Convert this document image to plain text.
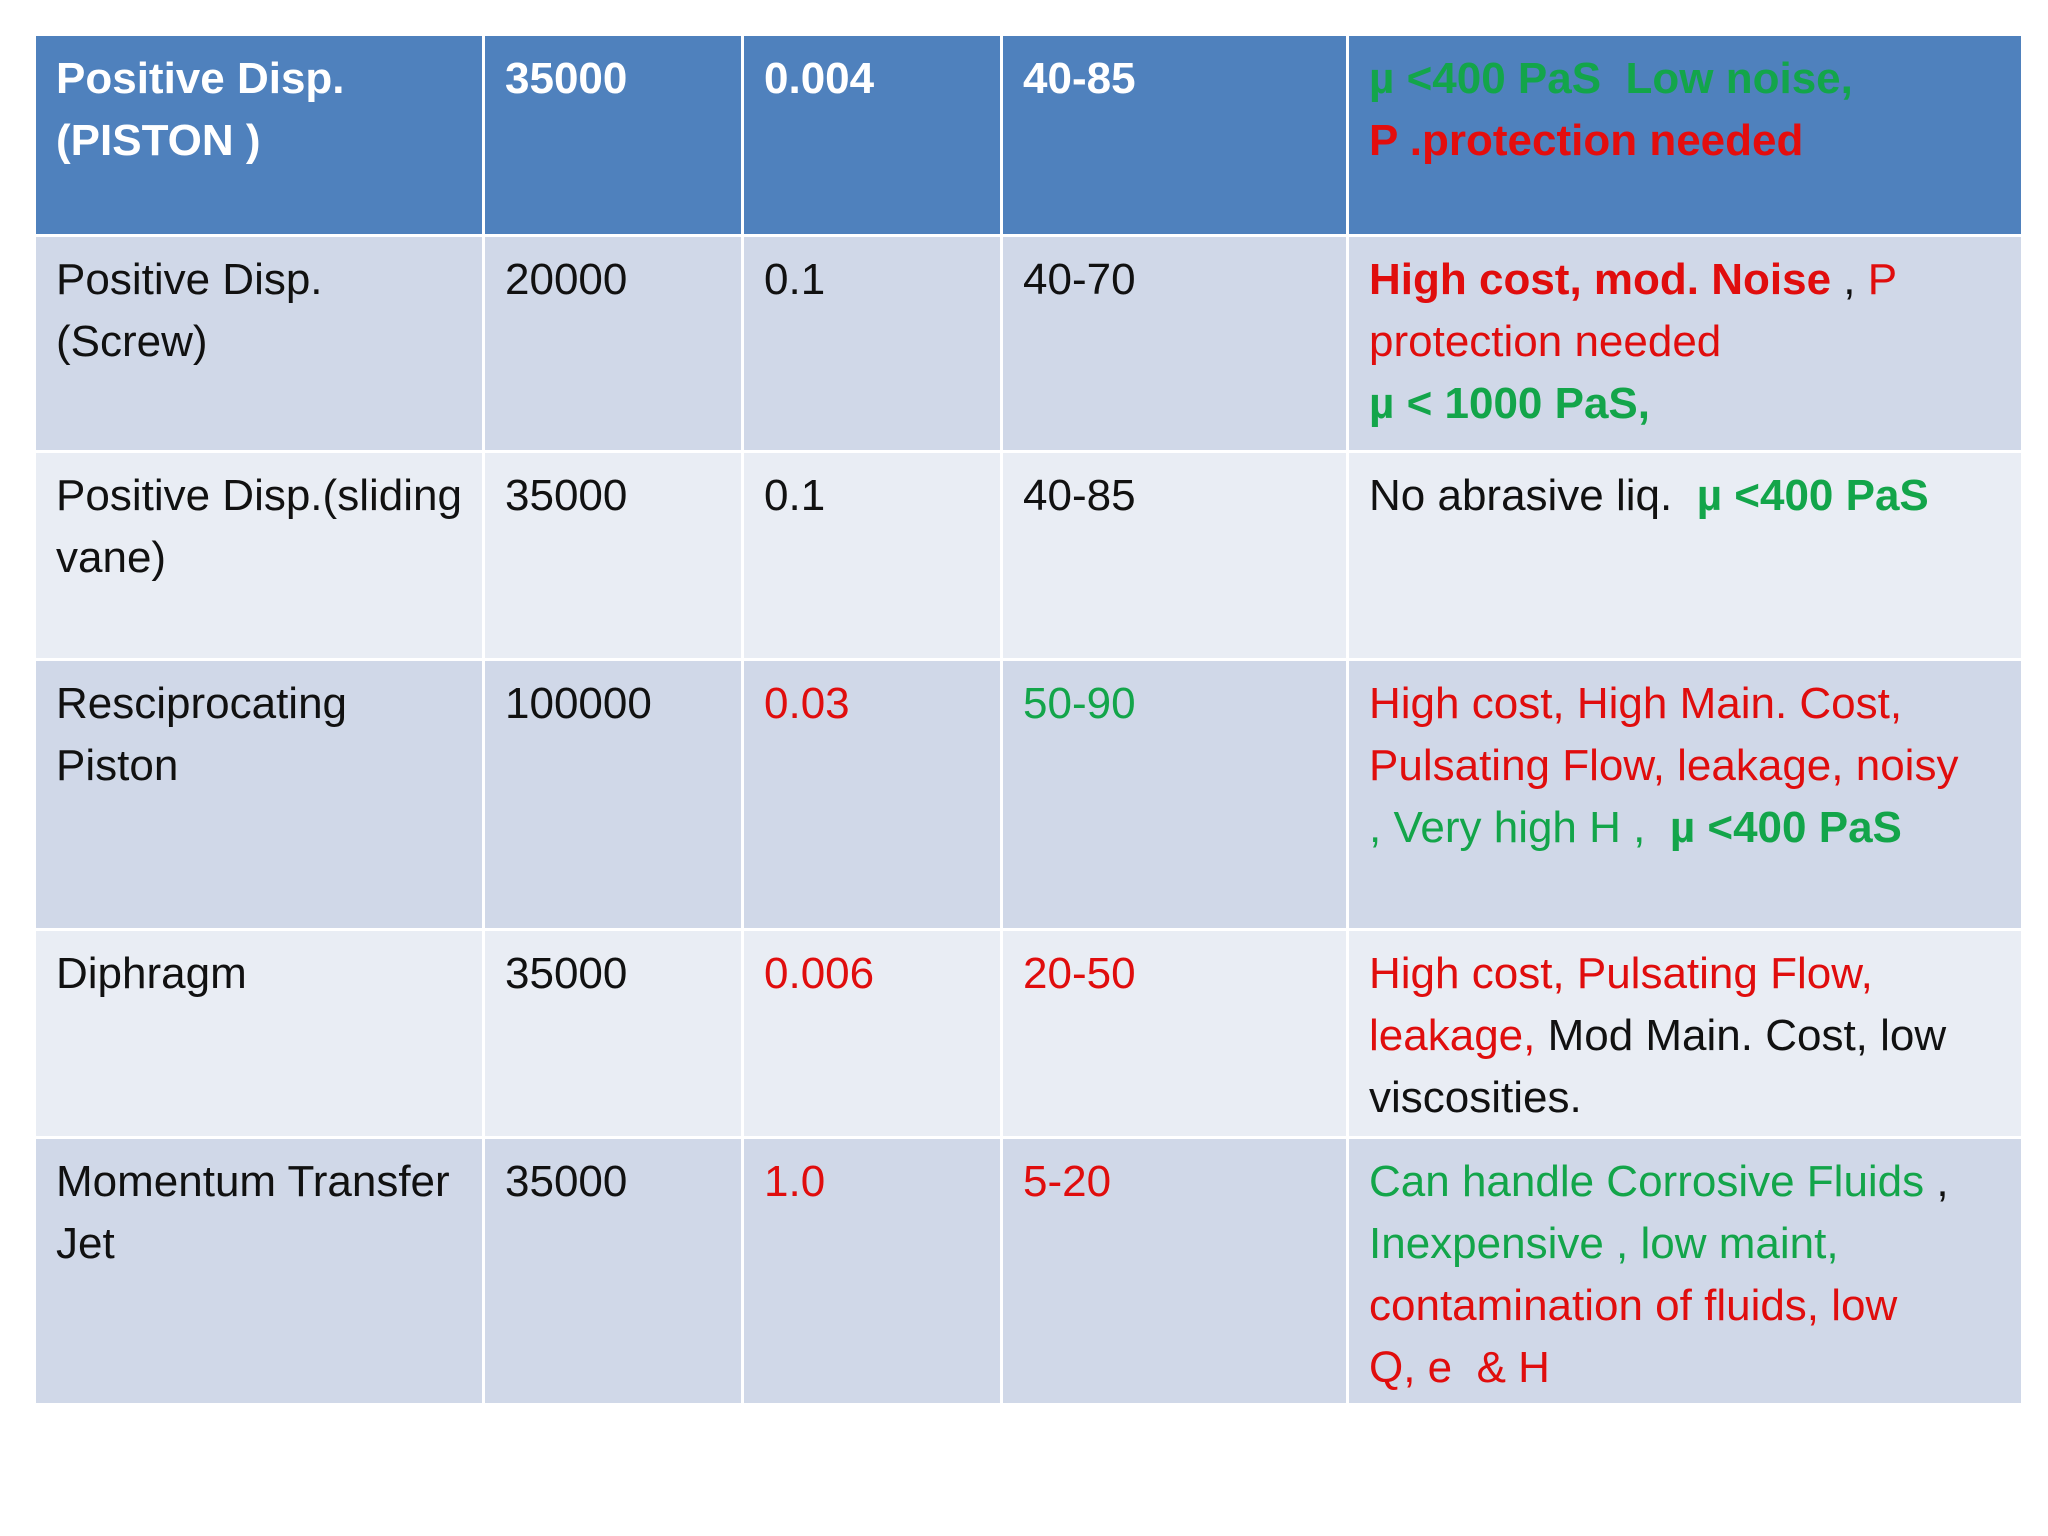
Positive Disp.(PISTON )	35000	0.004	40-85	µ <400 PaS  Low noise,
P .protection needed

Positive Disp.(Screw)	20000	0.1	40-70	High cost, mod. Noise , P
protection needed
µ < 1000 PaS,

Positive Disp.(sliding vane)	35000	0.1	40-85	No abrasive liq.  µ <400 PaS

Resciprocating Piston	100000	0.03	50-90	High cost, High Main. Cost,
Pulsating Flow, leakage, noisy
, Very high H ,  µ <400 PaS

Diphragm	35000	0.006	20-50	High cost, Pulsating Flow,
leakage, Mod Main. Cost, low
viscosities.

Momentum Transfer Jet	35000	1.0	5-20	Can handle Corrosive Fluids ,
Inexpensive , low maint,
contamination of fluids, low
Q, e  & H
